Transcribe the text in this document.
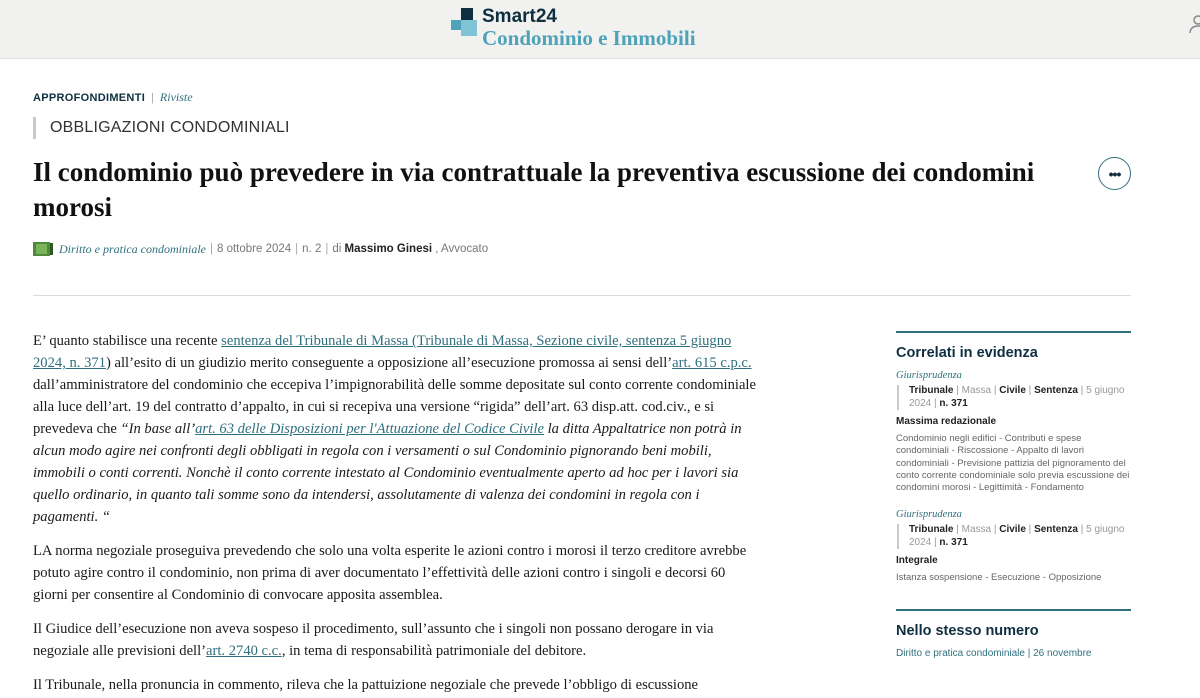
Smart24
Condominio e Immobili
APPROFONDIMENTI | Riviste
OBBLIGAZIONI CONDOMINIALI
Il condominio può prevedere in via contrattuale la preventiva escussione dei condomini morosi
•••
Diritto e pratica condominiale | 8 ottobre 2024 | n. 2 | di
Massimo Ginesi
, Avvocato

E’ quanto stabilisce una recente sentenza del Tribunale di Massa (Tribunale di Massa, Sezione civile, sentenza 5 giugno 2024, n. 371) all’esito di un giudizio merito conseguente a opposizione all’esecuzione promossa ai sensi dell’art. 615 c.p.c. dall’amministratore del condominio che eccepiva l’impignorabilità delle somme depositate sul conto corrente condominiale alla luce dell’art. 19 del contratto d’appalto, in cui si recepiva una versione “rigida” dell’art. 63 disp.att. cod.civ., e si prevedeva che “In base all’art. 63 delle Disposizioni per l'Attuazione del Codice Civile la ditta Appaltatrice non potrà in alcun modo agire nei confronti degli obbligati in regola con i versamenti o sul Condominio pignorando beni mobili, immobili o conti correnti. Nonchè il conto corrente intestato al Condominio eventualmente aperto ad hoc per i lavori sia quello ordinario, in quanto tali somme sono da intendersi, assolutamente di valenza dei condomini in regola con i pagamenti. “

LA norma negoziale proseguiva prevedendo che solo una volta esperite le azioni contro i morosi il terzo creditore avrebbe potuto agire contro il condominio, non prima di aver documentato l’effettività delle azioni contro i singoli e decorsi 60 giorni per consentire al Condominio di convocare apposita assemblea.

Il Giudice dell’esecuzione non aveva sospeso il procedimento, sull’assunto che i singoli non possano derogare in via negoziale alle previsioni dell’art. 2740 c.c., in tema di responsabilità patrimoniale del debitore.

Il Tribunale, nella pronuncia in commento, rileva che la pattuizione negoziale che prevede l’obbligo di escussione

Correlati in evidenza
Giurisprudenza
Tribunale | Massa | Civile | Sentenza | 5 giugno 2024 | n. 371
Massima redazionale
Condominio negli edifici - Contributi e spese condominiali - Riscossione - Appalto di lavori condominiali - Previsione pattizia del pignoramento del conto corrente condominiale solo previa escussione dei condomini morosi - Legittimità - Fondamento
Giurisprudenza
Tribunale | Massa | Civile | Sentenza | 5 giugno 2024 | n. 371
Integrale
Istanza sospensione - Esecuzione - Opposizione
Nello stesso numero
Diritto e pratica condominiale | 26 novembre
